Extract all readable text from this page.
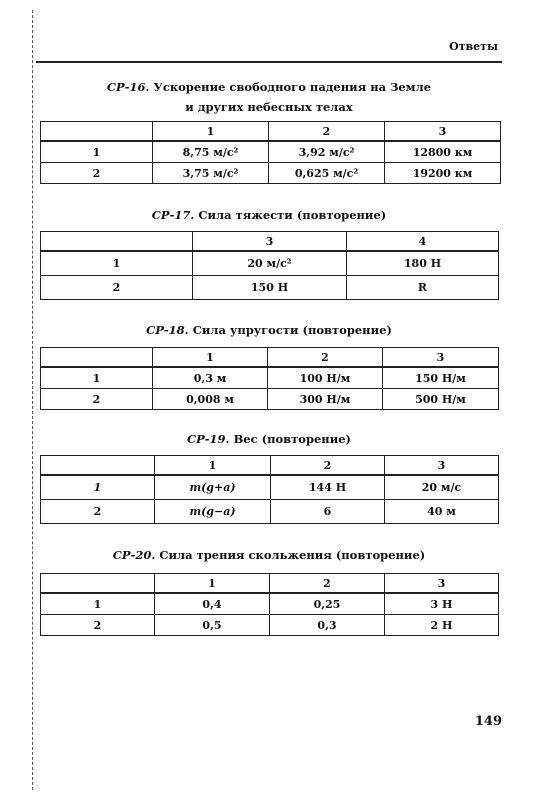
Ответы
СР-16. Ускорение свободного падения на Земле
и других небесных телах
	1	2	3
1	8,75 м/с²	3,92 м/с²	12800 км
2	3,75 м/с²	0,625 м/с²	19200 км
СР-17. Сила тяжести (повторение)
	3	4
1	20 м/с²	180 Н
2	150 Н	R
СР-18. Сила упругости (повторение)
	1	2	3
1	0,3 м	100 Н/м	150 Н/м
2	0,008 м	300 Н/м	500 Н/м
СР-19. Вес (повторение)
	1	2	3
1	m(g+a)	144 Н	20 м/с
2	m(g−a)	6	40 м
СР-20. Сила трения скольжения (повторение)
	1	2	3
1	0,4	0,25	3 Н
2	0,5	0,3	2 Н
149
